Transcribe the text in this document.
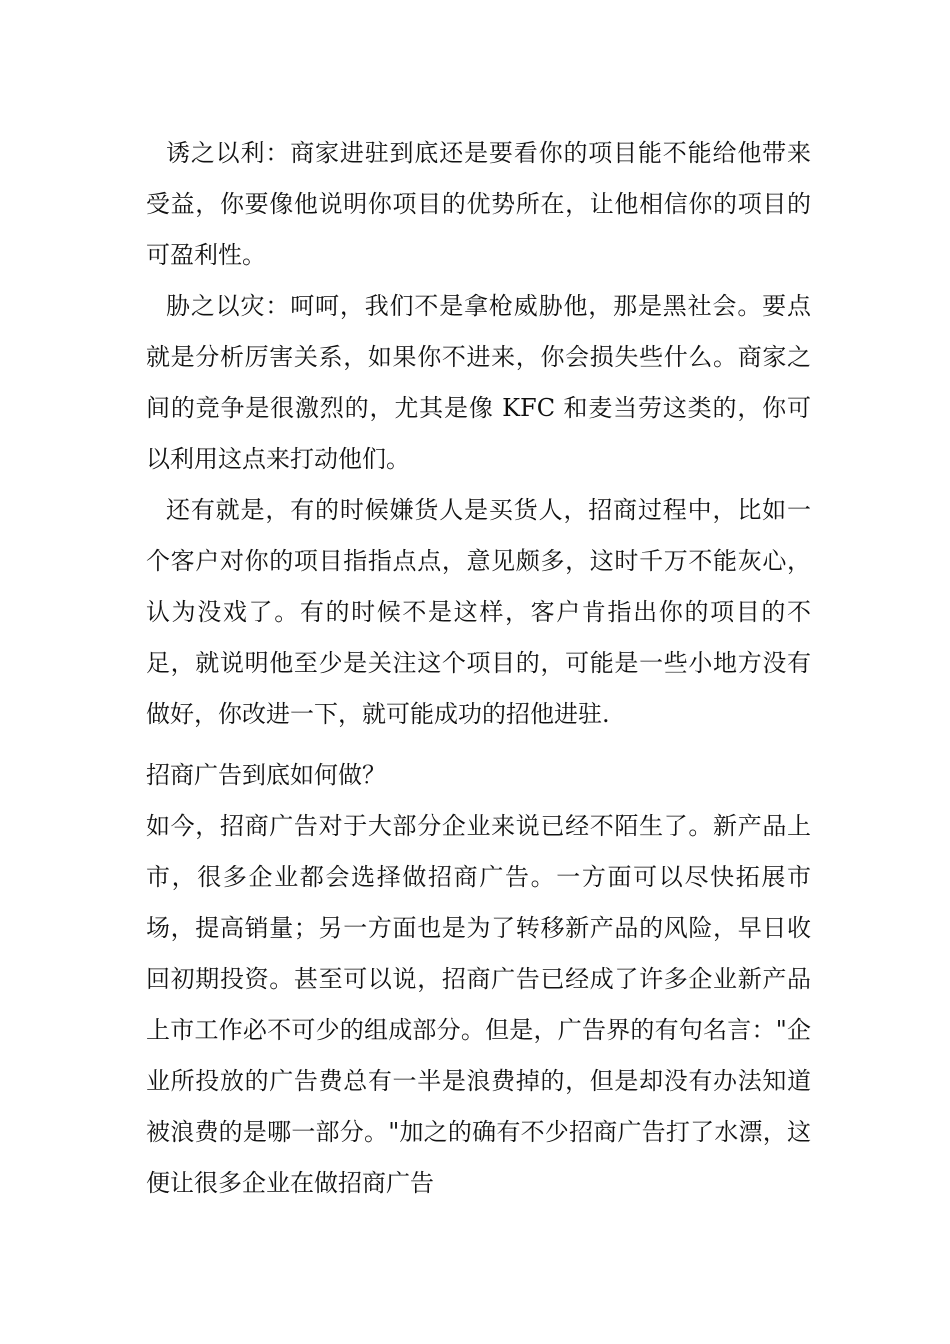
诱之以利：商家进驻到底还是要看你的项目能不能给他带来受益，你要像他说明你项目的优势所在，让他相信你的项目的可盈利性。

胁之以灾：呵呵，我们不是拿枪威胁他，那是黑社会。要点就是分析厉害关系，如果你不进来，你会损失些什么。商家之间的竞争是很激烈的，尤其是像 KFC 和麦当劳这类的，你可以利用这点来打动他们。

还有就是，有的时候嫌货人是买货人，招商过程中，比如一个客户对你的项目指指点点，意见颇多，这时千万不能灰心，认为没戏了。有的时候不是这样，客户肯指出你的项目的不足，就说明他至少是关注这个项目的，可能是一些小地方没有做好，你改进一下，就可能成功的招他进驻.

招商广告到底如何做？

如今，招商广告对于大部分企业来说已经不陌生了。新产品上市，很多企业都会选择做招商广告。一方面可以尽快拓展市场，提高销量；另一方面也是为了转移新产品的风险，早日收回初期投资。甚至可以说，招商广告已经成了许多企业新产品上市工作必不可少的组成部分。但是，广告界的有句名言："企业所投放的广告费总有一半是浪费掉的，但是却没有办法知道被浪费的是哪一部分。"加之的确有不少招商广告打了水漂，这便让很多企业在做招商广告
